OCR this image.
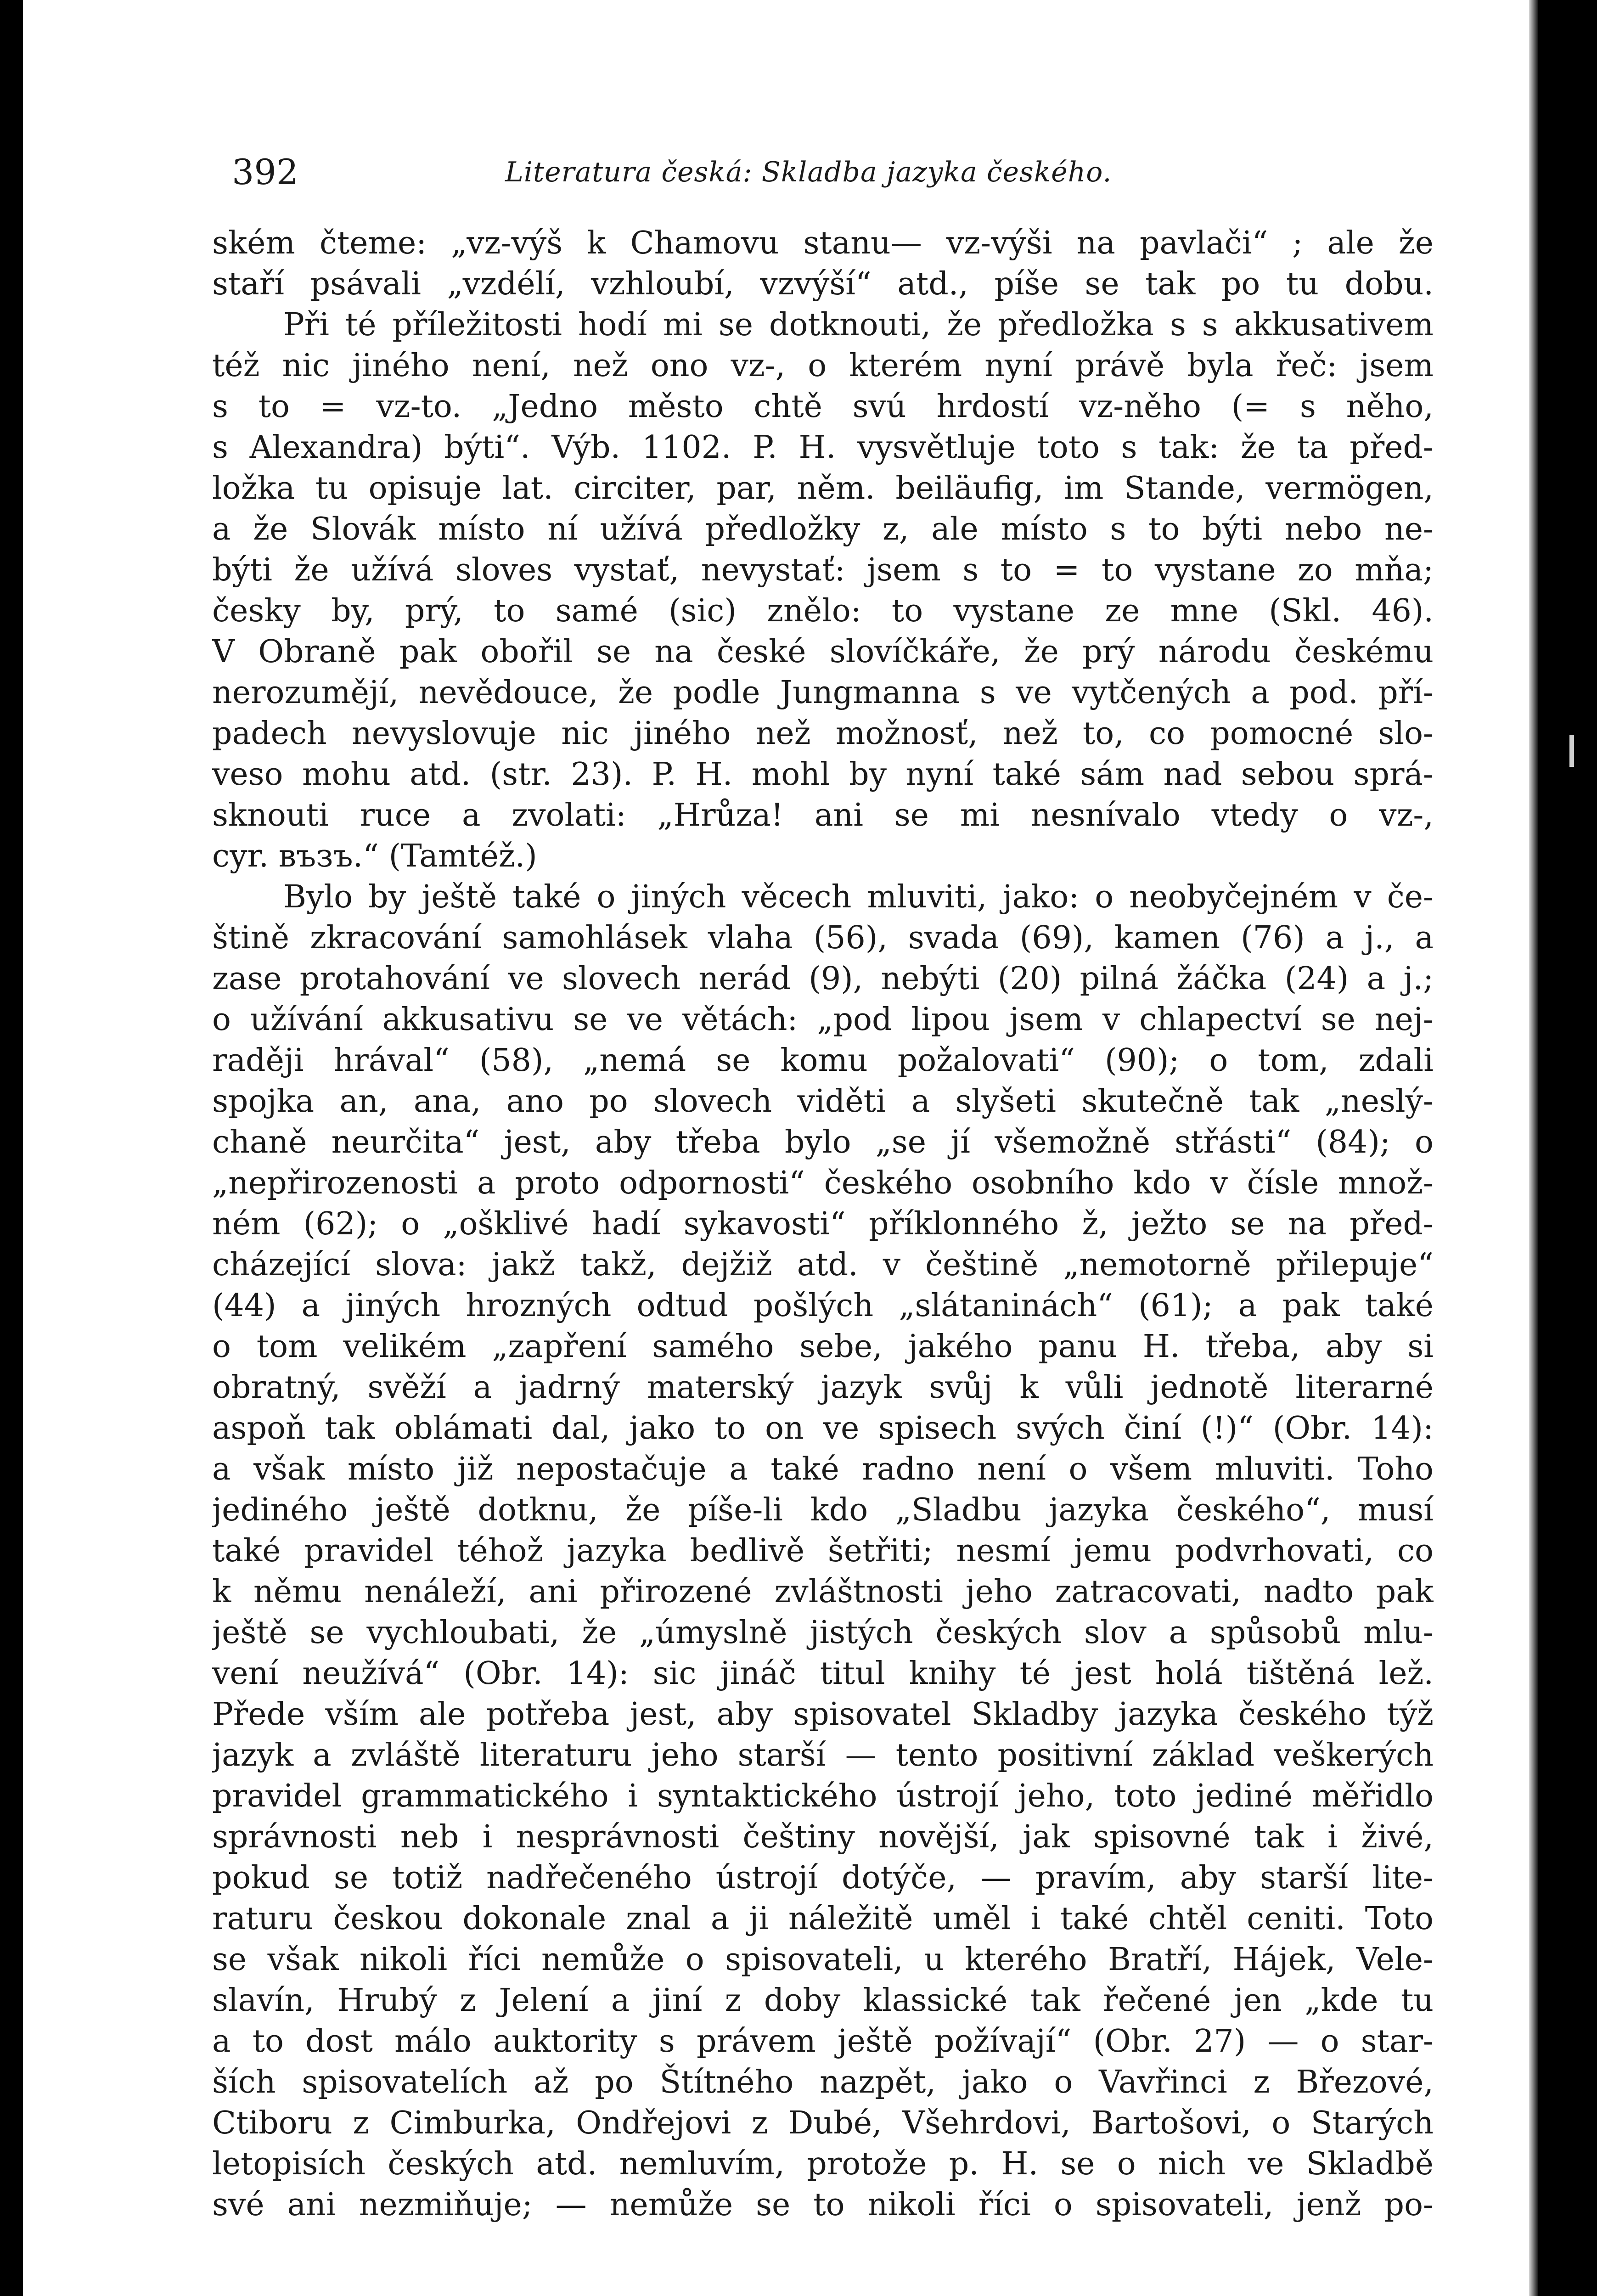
392	Literatura česká: Skladba jazyka českého.
ském čteme: „vz-výš k Chamovu stanu— vz-výši na pavlači“ ; ale že
staří psávali „vzdélí, vzhloubí, vzvýší“ atd., píše se tak po tu dobu.
Při té příležitosti hodí mi se dotknouti, že předložka s s akkusativem
též nic jiného není, než ono vz-, o kterém nyní právě byla řeč: jsem
s to = vz-to. „Jedno město chtě svú hrdostí vz-něho (= s něho,
s Alexandra) býti“. Výb. 1102. P. H. vysvětluje toto s tak: že ta před-
ložka tu opisuje lat. circiter, par, něm. beiläufig, im Stande, vermögen,
a že Slovák místo ní užívá předložky z, ale místo s to býti nebo ne-
býti že užívá sloves vystať, nevystať: jsem s to = to vystane zo mňa;
česky by, prý, to samé (sic) znělo: to vystane ze mne (Skl. 46).
V Obraně pak obořil se na české slovíčkáře, že prý národu českému
nerozumějí, nevědouce, že podle Jungmanna s ve vytčených a pod. pří-
padech nevyslovuje nic jiného než možnosť, než to, co pomocné slo-
veso mohu atd. (str. 23). P. H. mohl by nyní také sám nad sebou sprá-
sknouti ruce a zvolati: „Hrůza! ani se mi nesnívalo vtedy o vz-,
cyr. възъ.“ (Tamtéž.)
Bylo by ještě také o jiných věcech mluviti, jako: o neobyčejném v če-
štině zkracování samohlásek vlaha (56), svada (69), kamen (76) a j., a
zase protahování ve slovech nerád (9), nebýti (20) pilná žáčka (24) a j.;
o užívání akkusativu se ve větách: „pod lipou jsem v chlapectví se nej-
raději hrával“ (58), „nemá se komu požalovati“ (90); o tom, zdali
spojka an, ana, ano po slovech viděti a slyšeti skutečně tak „neslý-
chaně neurčita“ jest, aby třeba bylo „se jí všemožně střásti“ (84); o
„nepřirozenosti a proto odpornosti“ českého osobního kdo v čísle množ-
ném (62); o „ošklivé hadí sykavosti“ příklonného ž, ježto se na před-
cházející slova: jakž takž, dejžiž atd. v češtině „nemotorně přilepuje“
(44) a jiných hrozných odtud pošlých „slátaninách“ (61); a pak také
o tom velikém „zapření samého sebe, jakého panu H. třeba, aby si
obratný, svěží a jadrný materský jazyk svůj k vůli jednotě literarné
aspoň tak oblámati dal, jako to on ve spisech svých činí (!)“ (Obr. 14):
a však místo již nepostačuje a také radno není o všem mluviti. Toho
jediného ještě dotknu, že píše-li kdo „Sladbu jazyka českého“, musí
také pravidel téhož jazyka bedlivě šetřiti; nesmí jemu podvrhovati, co
k němu nenáleží, ani přirozené zvláštnosti jeho zatracovati, nadto pak
ještě se vychloubati, že „úmyslně jistých českých slov a spůsobů mlu-
vení neužívá“ (Obr. 14): sic jináč titul knihy té jest holá tištěná lež.
Přede vším ale potřeba jest, aby spisovatel Skladby jazyka českého týž
jazyk a zvláště literaturu jeho starší — tento positivní základ veškerých
pravidel grammatického i syntaktického ústrojí jeho, toto jediné měřidlo
správnosti neb i nesprávnosti češtiny novější, jak spisovné tak i živé,
pokud se totiž nadřečeného ústrojí dotýče, — pravím, aby starší lite-
raturu českou dokonale znal a ji náležitě uměl i také chtěl ceniti. Toto
se však nikoli říci nemůže o spisovateli, u kterého Bratří, Hájek, Vele-
slavín, Hrubý z Jelení a jiní z doby klassické tak řečené jen „kde tu
a to dost málo auktority s právem ještě požívají“ (Obr. 27) — o star-
ších spisovatelích až po Štítného nazpět, jako o Vavřinci z Březové,
Ctiboru z Cimburka, Ondřejovi z Dubé, Všehrdovi, Bartošovi, o Starých
letopisích českých atd. nemluvím, protože p. H. se o nich ve Skladbě
své ani nezmiňuje; — nemůže se to nikoli říci o spisovateli, jenž po-
